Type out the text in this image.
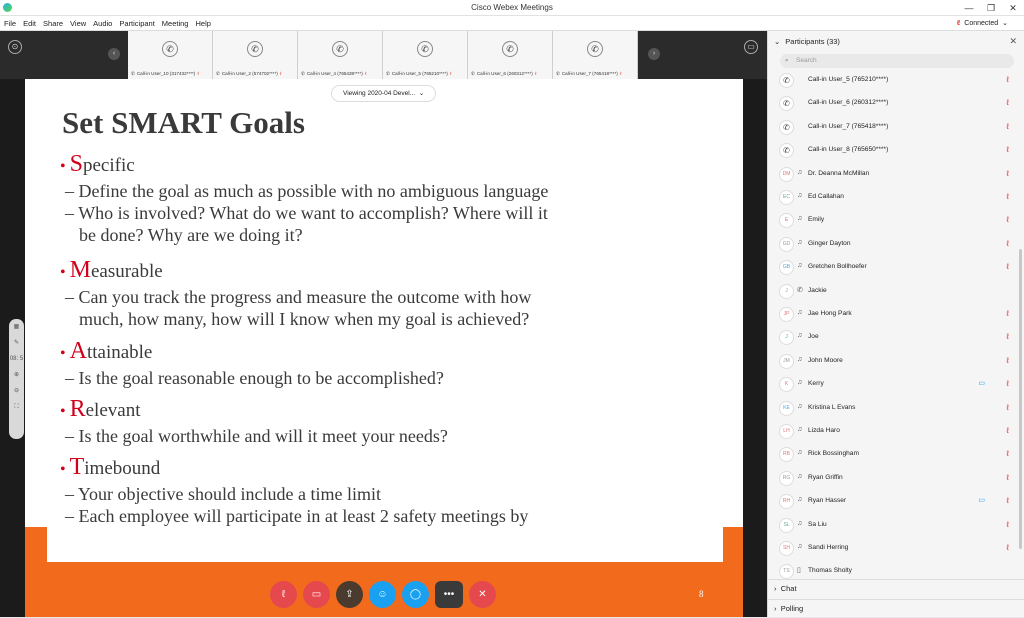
Cisco Webex Meetings	—	❐	✕
File Edit Share View Audio Participant Meeting Help	ℓ Connected ⌄
⊙
‹	✆
✆ Call-in User_10 (317432****) ℓ
✆
✆ Call-in User_2 (574702****) ℓ
✆
✆ Call-in User_4 (765438****) ℓ
✆
✆ Call-in User_5 (765210****) ℓ
✆
✆ Call-in User_6 (260312****) ℓ
✆
✆ Call-in User_7 (765418****) ℓ
›
▭
Viewing 2020-04 Devel...  ⌄
Set SMART Goals
• Specific
– Define the goal as much as possible with no ambiguous language
– Who is involved? What do we want to accomplish? Where will it
be done? Why are we doing it?
• Measurable
– Can you track the progress and measure the outcome with how
much, how many, how will I know when my goal is achieved?
• Attainable
– Is the goal reasonable enough to be accomplished?
• Relevant
– Is the goal worthwhile and will it meet your needs?
• Timebound
– Your objective should include a time limit
– Each employee will participate in at least 2 safety meetings by
8
▦
✎
08: 5
⊕
⊖
⛶
ℓ	▭	⇪	☺	◯	•••	✕
⌄ Participants (33)	✕
⌕ Search
✆	Call-in User_5 (765210****)	ℓ
✆	Call-in User_6 (260312****)	ℓ
✆	Call-in User_7 (765418****)	ℓ
✆	Call-in User_8 (765650****)	ℓ
DM ♫ Dr. Deanna McMillan	ℓ
EC	♫ Ed Callahan	ℓ
E	♫ Emily	ℓ
GD ♫ Ginger Dayton	ℓ
GB ♫ Gretchen Bollhoefer	ℓ
J	✆ Jackie
JP	♫ Jae Hong Park	ℓ
J	♫ Joe	ℓ
JM	♫ John Moore	ℓ
K	♫ Kerry	▭	ℓ
KE	♫ Kristina L Evans	ℓ
LH	♫ Lizda Haro	ℓ
RB	♫ Rick Bossingham	ℓ
RG ♫ Ryan Griffin	ℓ
RH ♫ Ryan Hasser	▭	ℓ
SL	♫ Sa Liu	ℓ
SH	♫ Sandi Herring	ℓ
TS	▯ Thomas Sholty
›  Chat
›  Polling
